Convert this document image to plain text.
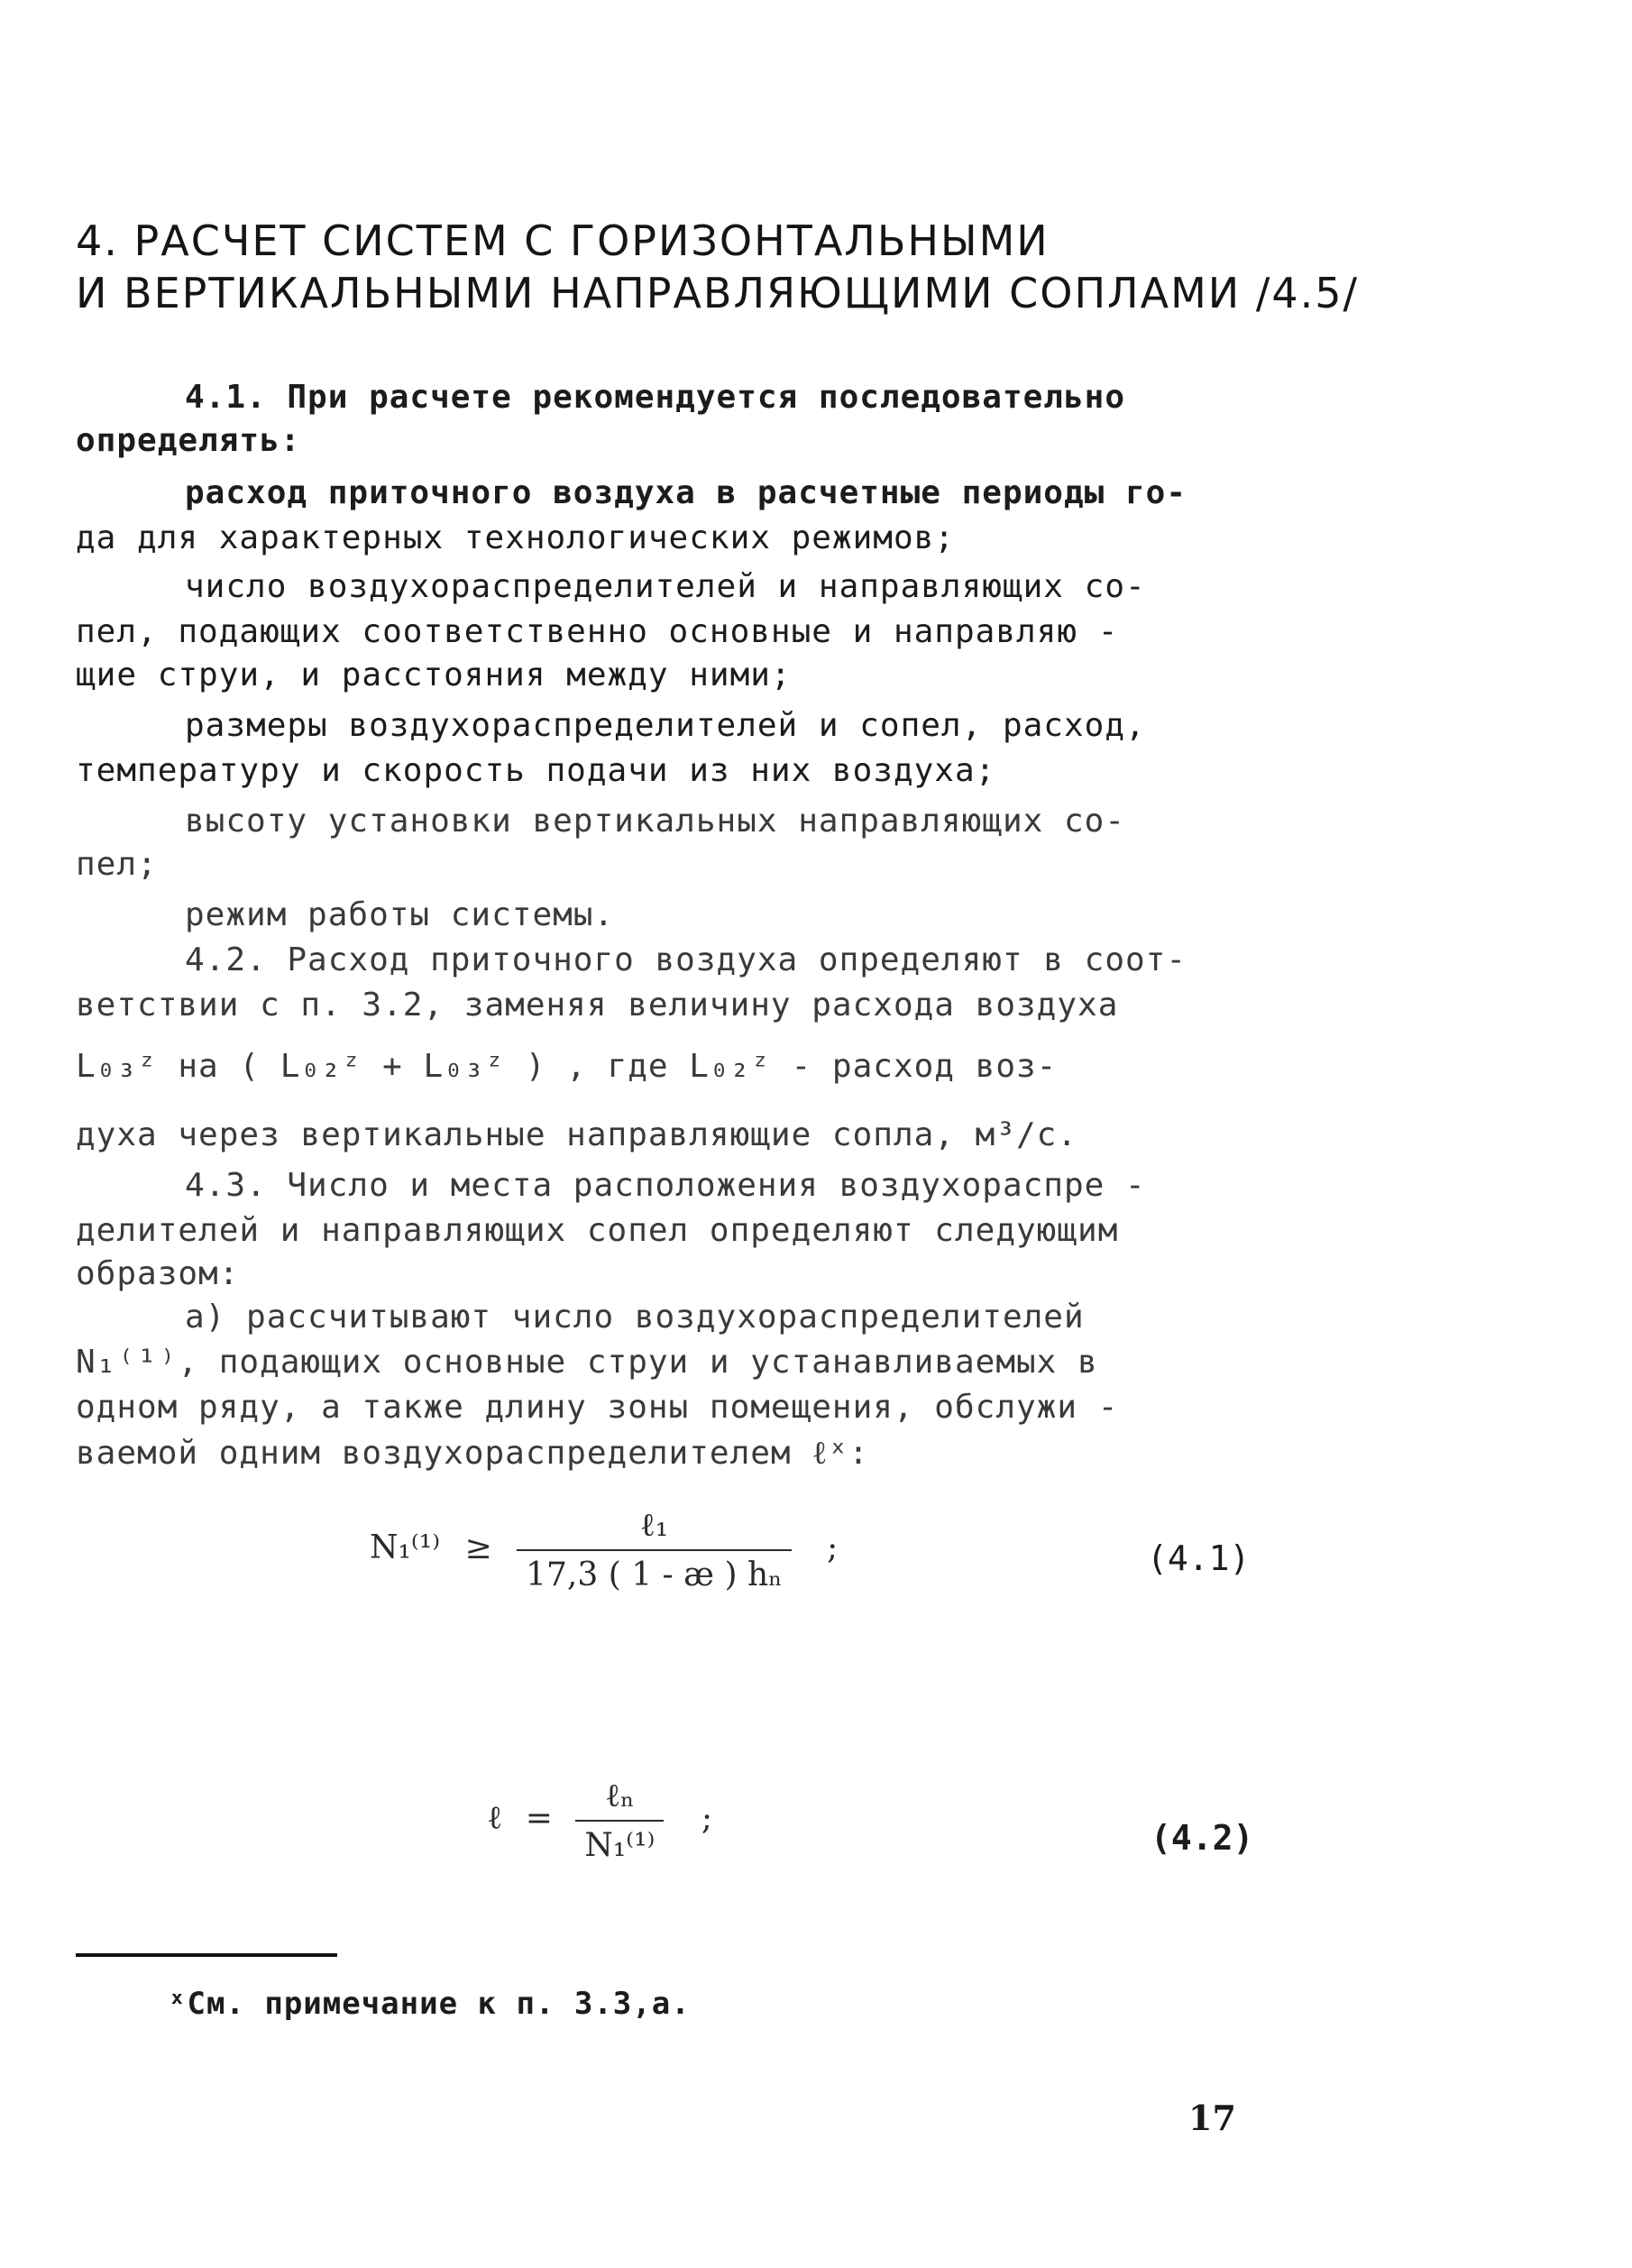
4. РАСЧЕТ СИСТЕМ С ГОРИЗОНТАЛЬНЫМИ
И ВЕРТИКАЛЬНЫМИ НАПРАВЛЯЮЩИМИ СОПЛАМИ /4.5/
4.1. При расчете рекомендуется последовательно
определять:
расход приточного воздуха в расчетные периоды го-
да для характерных технологических режимов;
число воздухораспределителей и направляющих со-
пел, подающих соответственно основные и направляю -
щие струи, и расстояния между ними;
размеры воздухораспределителей и сопел, расход,
температуру и скорость подачи из них воздуха;
высоту установки вертикальных направляющих со-
пел;
режим работы системы.
4.2. Расход приточного воздуха определяют в соот-
ветствии с п. 3.2, заменяя величину расхода воздуха
L₀₃ᶻ на ( L₀₂ᶻ + L₀₃ᶻ ) , где L₀₂ᶻ - расход воз-
духа через вертикальные направляющие сопла, м³/с.
4.3. Число и места расположения воздухораспре -
делителей и направляющих сопел определяют следующим
образом:
а) рассчитывают число воздухораспределителей
N₁⁽¹⁾, подающих основные струи и устанавливаемых в
одном ряду, а также длину зоны помещения, обслужи -
ваемой одним воздухораспределителем ℓˣ:
$N_1^{(1)} \ge \frac{\text{ℓ₁}}{\text{17,3 ( 1 - æ ) hₙ}}$ ;	(4.1)
ℓ = $\frac{\text{ℓₙ}}{\text{N₁⁽¹⁾}}$ ;	(4.2)
ˣСм. примечание к п. 3.3,а.
17
